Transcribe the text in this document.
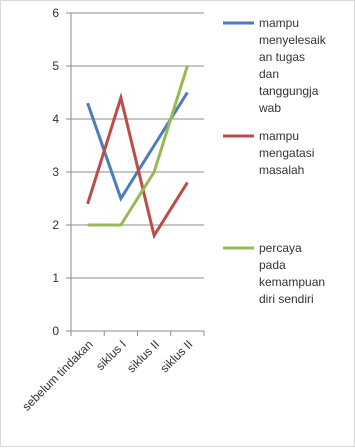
0
1
2
3
4
5
6
sebelum tindakan
siklus I
siklus II
siklus II
mampu
menyelesaik
an tugas
dan
tanggungja
wab
mampu
mengatasi
masalah
percaya
pada
kemampuan
diri sendiri
